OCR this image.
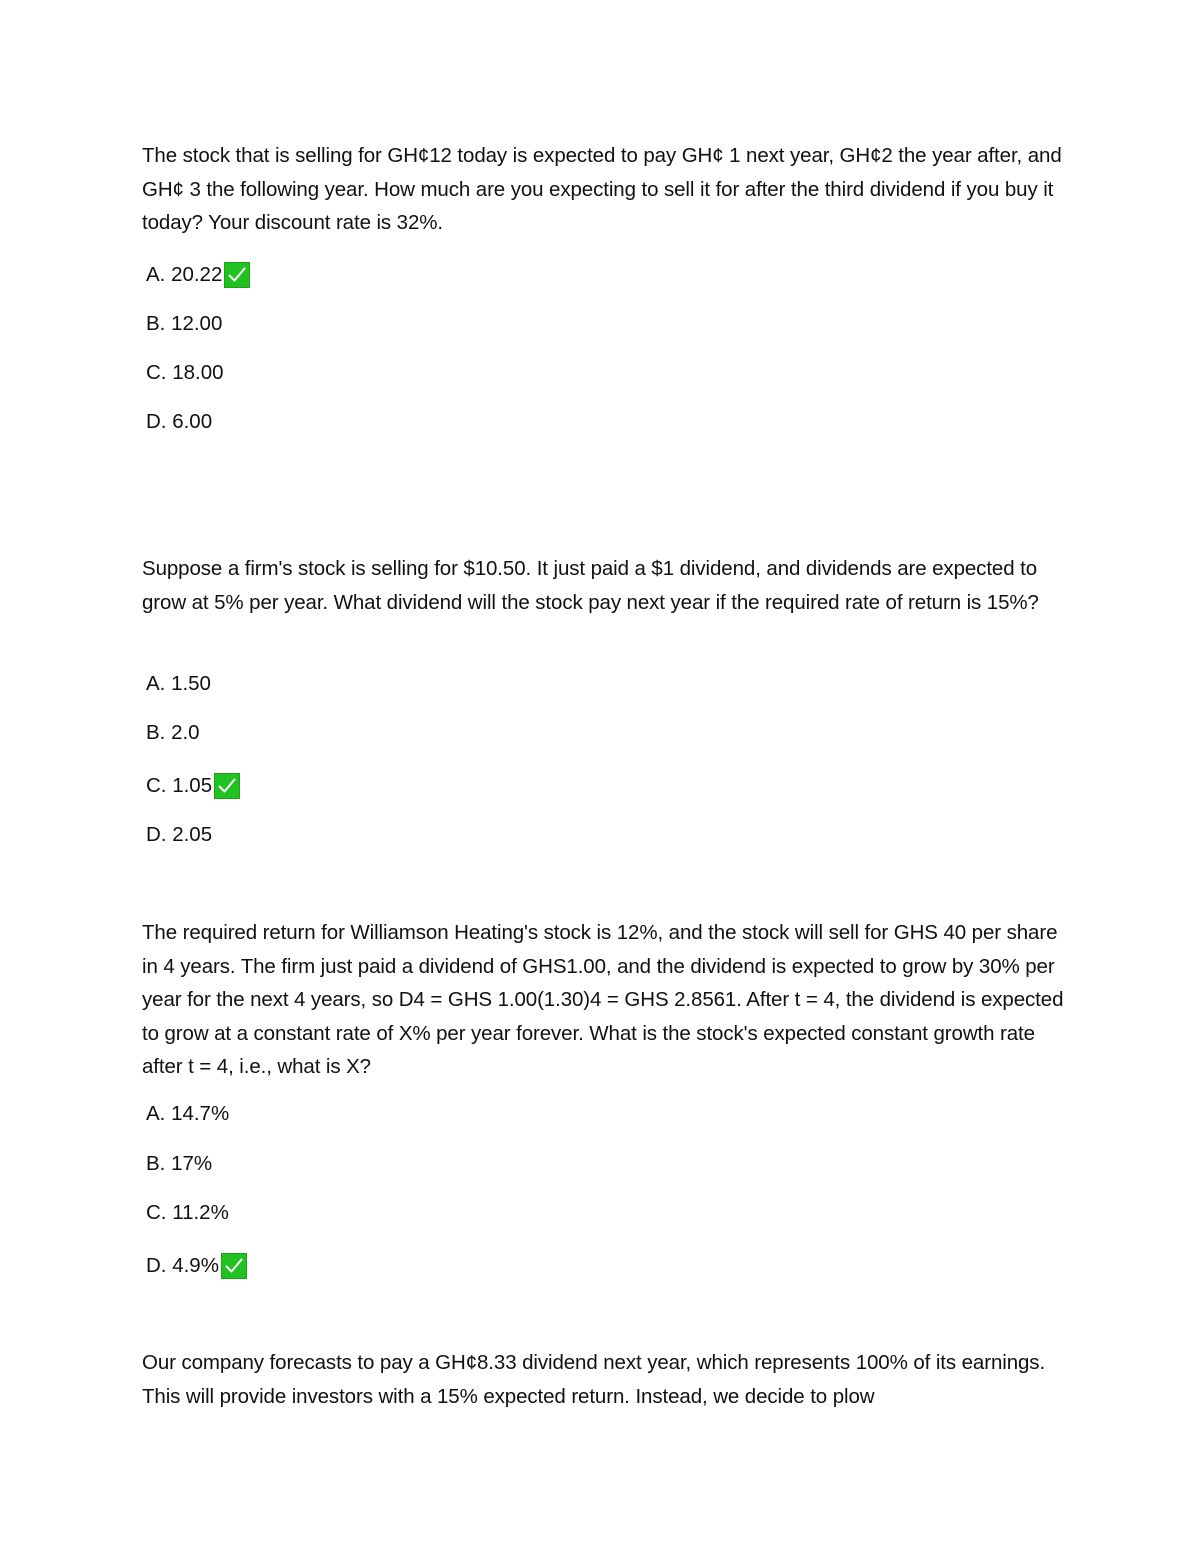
The stock that is selling for GH¢12 today is expected to pay GH¢ 1 next year, GH¢2 the year after, and GH¢ 3 the following year. How much are you expecting to sell it for after the third dividend if you buy it today? Your discount rate is 32%.
A. 20.22
B. 12.00
C. 18.00
D. 6.00
Suppose a firm's stock is selling for $10.50. It just paid a $1 dividend, and dividends are expected to grow at 5% per year. What dividend will the stock pay next year if the required rate of return is 15%?
A. 1.50
B. 2.0
C. 1.05
D. 2.05
The required return for Williamson Heating's stock is 12%, and the stock will sell for GHS 40 per share in 4 years. The firm just paid a dividend of GHS1.00, and the dividend is expected to grow by 30% per year for the next 4 years, so D4 = GHS 1.00(1.30)4 = GHS 2.8561. After t = 4, the dividend is expected to grow at a constant rate of X% per year forever. What is the stock's expected constant growth rate after t = 4, i.e., what is X?
A. 14.7%
B. 17%
C. 11.2%
D. 4.9%
Our company forecasts to pay a GH¢8.33 dividend next year, which represents 100% of its earnings. This will provide investors with a 15% expected return. Instead, we decide to plow
